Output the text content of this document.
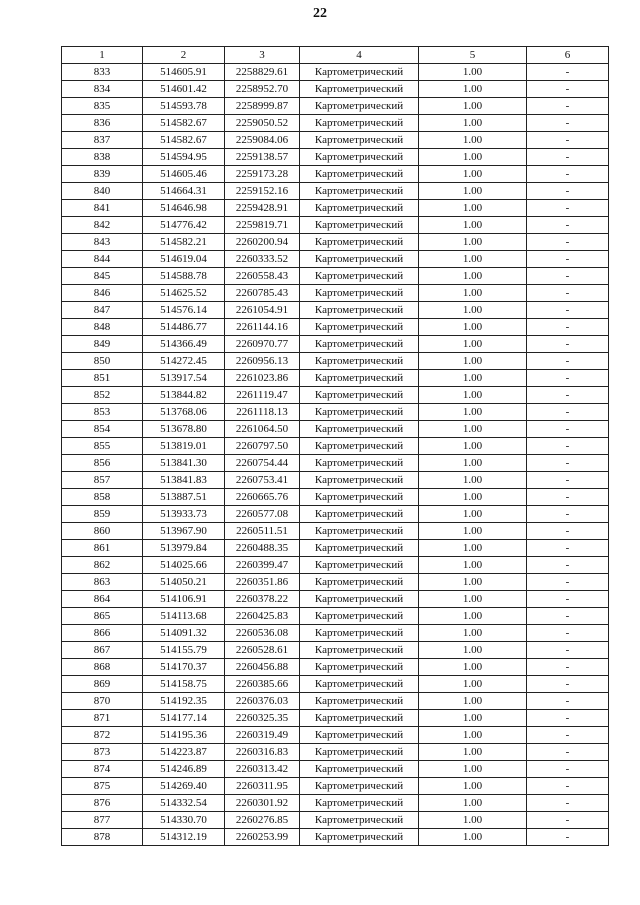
22
1	2	3	4	5	6
833	514605.91	2258829.61	Картометрический	1.00	-
834	514601.42	2258952.70	Картометрический	1.00	-
835	514593.78	2258999.87	Картометрический	1.00	-
836	514582.67	2259050.52	Картометрический	1.00	-
837	514582.67	2259084.06	Картометрический	1.00	-
838	514594.95	2259138.57	Картометрический	1.00	-
839	514605.46	2259173.28	Картометрический	1.00	-
840	514664.31	2259152.16	Картометрический	1.00	-
841	514646.98	2259428.91	Картометрический	1.00	-
842	514776.42	2259819.71	Картометрический	1.00	-
843	514582.21	2260200.94	Картометрический	1.00	-
844	514619.04	2260333.52	Картометрический	1.00	-
845	514588.78	2260558.43	Картометрический	1.00	-
846	514625.52	2260785.43	Картометрический	1.00	-
847	514576.14	2261054.91	Картометрический	1.00	-
848	514486.77	2261144.16	Картометрический	1.00	-
849	514366.49	2260970.77	Картометрический	1.00	-
850	514272.45	2260956.13	Картометрический	1.00	-
851	513917.54	2261023.86	Картометрический	1.00	-
852	513844.82	2261119.47	Картометрический	1.00	-
853	513768.06	2261118.13	Картометрический	1.00	-
854	513678.80	2261064.50	Картометрический	1.00	-
855	513819.01	2260797.50	Картометрический	1.00	-
856	513841.30	2260754.44	Картометрический	1.00	-
857	513841.83	2260753.41	Картометрический	1.00	-
858	513887.51	2260665.76	Картометрический	1.00	-
859	513933.73	2260577.08	Картометрический	1.00	-
860	513967.90	2260511.51	Картометрический	1.00	-
861	513979.84	2260488.35	Картометрический	1.00	-
862	514025.66	2260399.47	Картометрический	1.00	-
863	514050.21	2260351.86	Картометрический	1.00	-
864	514106.91	2260378.22	Картометрический	1.00	-
865	514113.68	2260425.83	Картометрический	1.00	-
866	514091.32	2260536.08	Картометрический	1.00	-
867	514155.79	2260528.61	Картометрический	1.00	-
868	514170.37	2260456.88	Картометрический	1.00	-
869	514158.75	2260385.66	Картометрический	1.00	-
870	514192.35	2260376.03	Картометрический	1.00	-
871	514177.14	2260325.35	Картометрический	1.00	-
872	514195.36	2260319.49	Картометрический	1.00	-
873	514223.87	2260316.83	Картометрический	1.00	-
874	514246.89	2260313.42	Картометрический	1.00	-
875	514269.40	2260311.95	Картометрический	1.00	-
876	514332.54	2260301.92	Картометрический	1.00	-
877	514330.70	2260276.85	Картометрический	1.00	-
878	514312.19	2260253.99	Картометрический	1.00	-
